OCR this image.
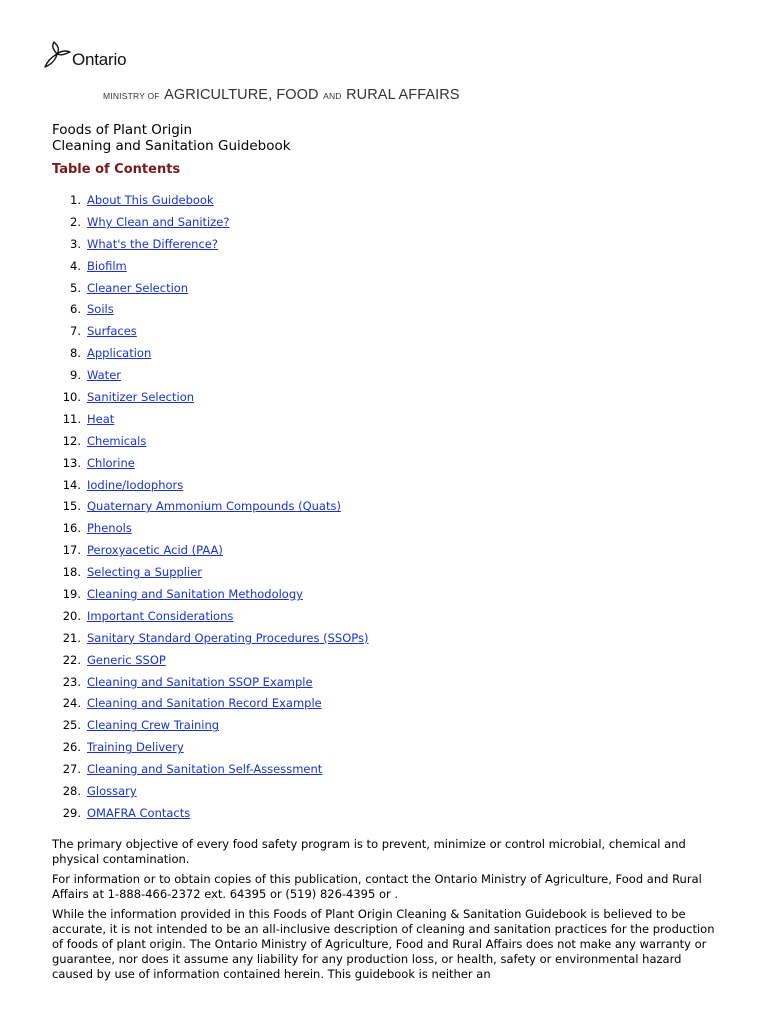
Ontario
MINISTRY OF AGRICULTURE, FOOD AND RURAL AFFAIRS
Foods of Plant Origin
Cleaning and Sanitation Guidebook
Table of Contents
1. About This Guidebook
2. Why Clean and Sanitize?
3. What's the Difference?
4. Biofilm
5. Cleaner Selection
6. Soils
7. Surfaces
8. Application
9. Water
10. Sanitizer Selection
11. Heat
12. Chemicals
13. Chlorine
14. Iodine/Iodophors
15. Quaternary Ammonium Compounds (Quats)
16. Phenols
17. Peroxyacetic Acid (PAA)
18. Selecting a Supplier
19. Cleaning and Sanitation Methodology
20. Important Considerations
21. Sanitary Standard Operating Procedures (SSOPs)
22. Generic SSOP
23. Cleaning and Sanitation SSOP Example
24. Cleaning and Sanitation Record Example
25. Cleaning Crew Training
26. Training Delivery
27. Cleaning and Sanitation Self-Assessment
28. Glossary
29. OMAFRA Contacts

The primary objective of every food safety program is to prevent, minimize or control microbial, chemical and physical contamination.

For information or to obtain copies of this publication, contact the Ontario Ministry of Agriculture, Food and Rural Affairs at 1-888-466-2372 ext. 64395 or (519) 826-4395 or .

While the information provided in this Foods of Plant Origin Cleaning & Sanitation Guidebook is believed to be accurate, it is not intended to be an all-inclusive description of cleaning and sanitation practices for the production of foods of plant origin. The Ontario Ministry of Agriculture, Food and Rural Affairs does not make any warranty or guarantee, nor does it assume any liability for any production loss, or health, safety or environmental hazard caused by use of information contained herein. This guidebook is neither an
